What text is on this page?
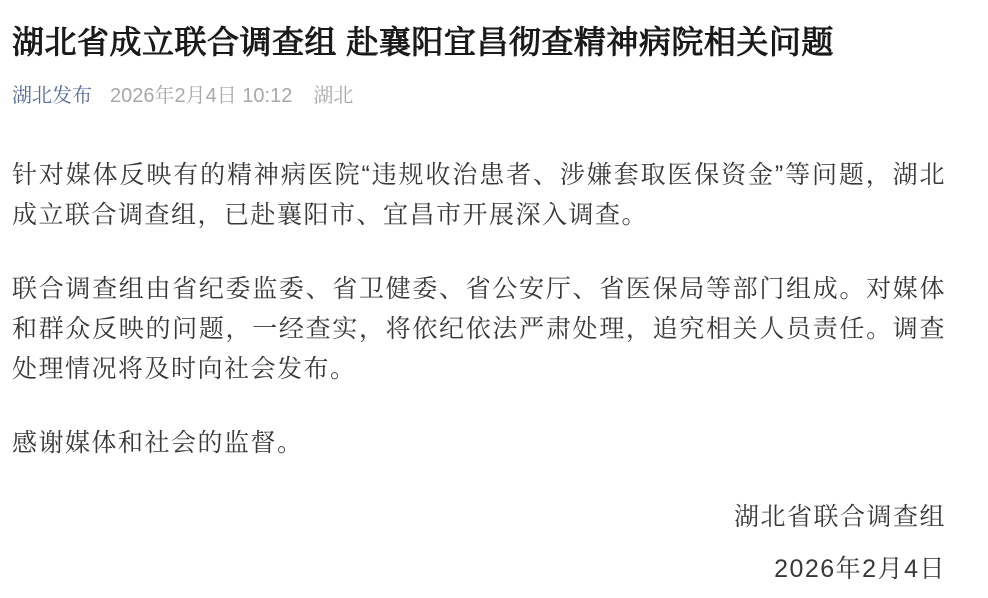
湖北省成立联合调查组 赴襄阳宜昌彻查精神病院相关问题
湖北发布 2026年2月4日 10:12 湖北

针对媒体反映有的精神病医院“违规收治患者、涉嫌套取医保资金”等问题，湖北成立联合调查组，已赴襄阳市、宜昌市开展深入调查。

联合调查组由省纪委监委、省卫健委、省公安厅、省医保局等部门组成。对媒体和群众反映的问题，一经查实，将依纪依法严肃处理，追究相关人员责任。调查处理情况将及时向社会发布。

感谢媒体和社会的监督。

湖北省联合调查组

2026年2月4日
